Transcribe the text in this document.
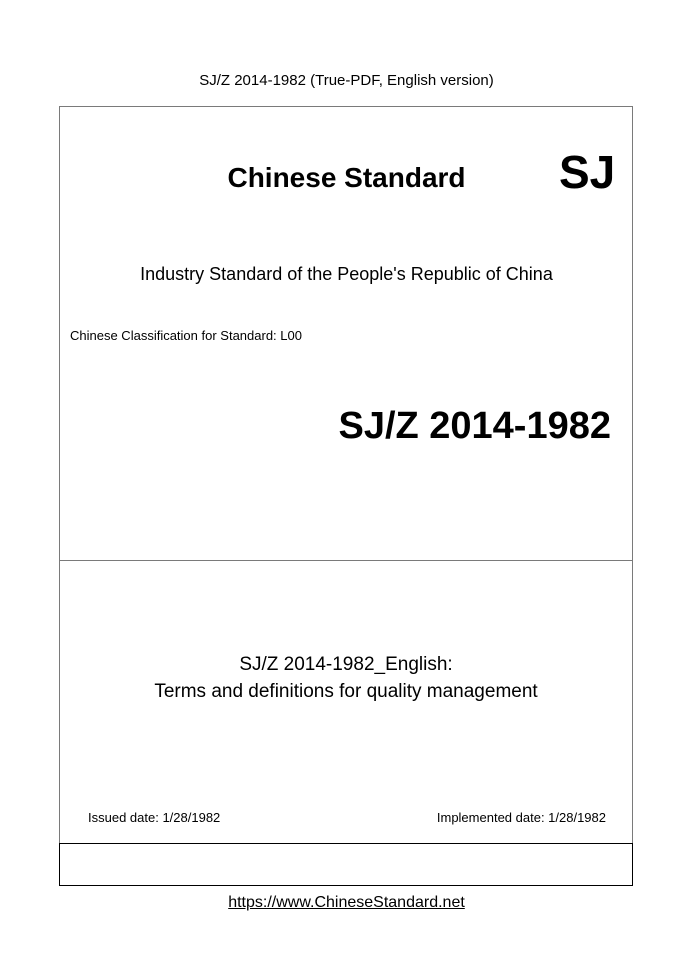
SJ/Z 2014-1982 (True-PDF, English version)
Chinese Standard	SJ
Industry Standard of the People's Republic of China
Chinese Classification for Standard: L00
SJ/Z 2014-1982
SJ/Z 2014-1982_English:
Terms and definitions for quality management
Issued date: 1/28/1982	Implemented date: 1/28/1982
https://www.ChineseStandard.net
